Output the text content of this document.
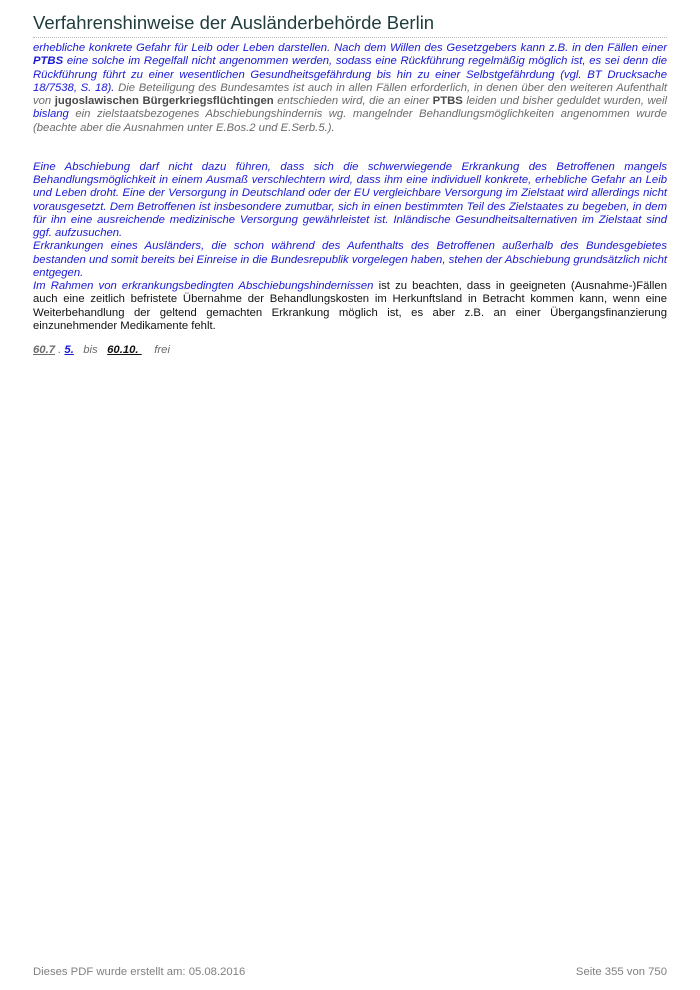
Verfahrenshinweise der Ausländerbehörde Berlin

erhebliche konkrete Gefahr für Leib oder Leben darstellen. Nach dem Willen des Gesetzgebers kann z.B. in den Fällen einer PTBS eine solche im Regelfall nicht angenommen werden, sodass eine Rückführung regelmäßig möglich ist, es sei denn die Rückführung führt zu einer wesentlichen Gesundheitsgefährdung bis hin zu einer Selbstgefährdung (vgl. BT Drucksache 18/7538, S. 18). Die Beteiligung des Bundesamtes ist auch in allen Fällen erforderlich, in denen über den weiteren Aufenthalt von jugoslawischen Bürgerkriegsflüchtingen entschieden wird, die an einer PTBS leiden und bisher geduldet wurden, weil bislang ein zielstaatsbezogenes Abschiebungshindernis wg. mangelnder Behandlungsmöglichkeiten angenommen wurde (beachte aber die Ausnahmen unter E.Bos.2 und E.Serb.5.).

Eine Abschiebung darf nicht dazu führen, dass sich die schwerwiegende Erkrankung des Betroffenen mangels Behandlungsmöglichkeit in einem Ausmaß verschlechtern wird, dass ihm eine individuell konkrete, erhebliche Gefahr an Leib und Leben droht. Eine der Versorgung in Deutschland oder der EU vergleichbare Versorgung im Zielstaat wird allerdings nicht vorausgesetzt. Dem Betroffenen ist insbesondere zumutbar, sich in einen bestimmten Teil des Zielstaates zu begeben, in dem für ihn eine ausreichende medizinische Versorgung gewährleistet ist. Inländische Gesundheitsalternativen im Zielstaat sind ggf. aufzusuchen.

Erkrankungen eines Ausländers, die schon während des Aufenthalts des Betroffenen außerhalb des Bundesgebietes bestanden und somit bereits bei Einreise in die Bundesrepublik vorgelegen haben, stehen der Abschiebung grundsätzlich nicht entgegen.

Im Rahmen von erkrankungsbedingten Abschiebungshindernissen ist zu beachten, dass in geeigneten (Ausnahme-)Fällen auch eine zeitlich befristete Übernahme der Behandlungskosten im Herkunftsland in Betracht kommen kann, wenn eine Weiterbehandlung der geltend gemachten Erkrankung möglich ist, es aber z.B. an einer Übergangsfinanzierung einzunehmender Medikamente fehlt.

60.7 . 5. bis 60.10.     frei
Dieses PDF wurde erstellt am: 05.08.2016	Seite 355 von 750
